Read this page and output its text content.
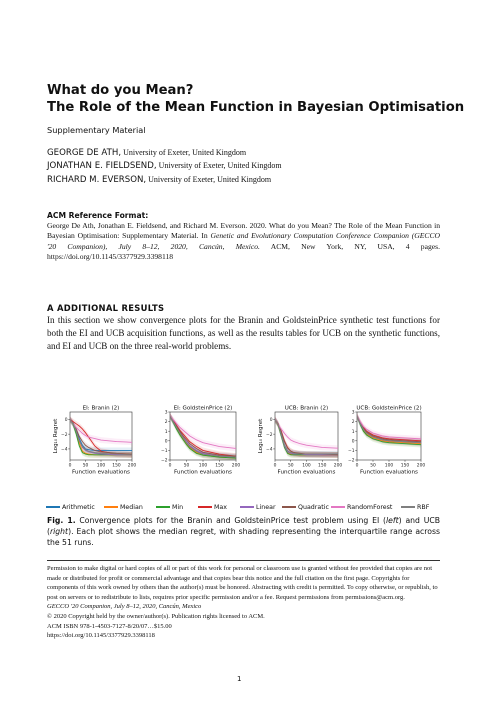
What do you Mean?
The Role of the Mean Function in Bayesian Optimisation
Supplementary Material
GEORGE DE ATH, University of Exeter, United Kingdom
JONATHAN E. FIELDSEND, University of Exeter, United Kingdom
RICHARD M. EVERSON, University of Exeter, United Kingdom
ACM Reference Format:
George De Ath, Jonathan E. Fieldsend, and Richard M. Everson. 2020. What do you Mean? The Role of the Mean Function in Bayesian Optimisation: Supplementary Material. In Genetic and Evolutionary Computation Conference Companion (GECCO '20 Companion), July 8–12, 2020, Cancún, Mexico. ACM, New York, NY, USA, 4 pages. https://doi.org/10.1145/3377929.3398118
A ADDITIONAL RESULTS
In this section we show convergence plots for the Branin and GoldsteinPrice synthetic test functions for both the EI and UCB acquisition functions, as well as the results tables for UCB on the synthetic functions, and EI and UCB on the three real-world problems.
EI: Branin (2)
0	50 100 150 200
Function evaluations
0
−2
−4
Log₁₀ Regret
EI: GoldsteinPrice (2)
0	50 100 150 200
Function evaluations
3
2
1
0
−1
−2
UCB: Branin (2)
0	50 100 150 200
Function evaluations
0
−2
−4
Log₁₀ Regret
UCB: GoldsteinPrice (2)
0	50 100 150 200
Function evaluations
3
2
1
0
−1
−2
Arithmetic	Median	Min	Max	Linear	Quadratic	RandomForest	RBF
Fig. 1. Convergence plots for the Branin and GoldsteinPrice test problem using EI (left) and UCB (right). Each plot shows the median regret, with shading representing the interquartile range across the 51 runs.
Permission to make digital or hard copies of all or part of this work for personal or classroom use is granted without fee provided that copies are not made or distributed for profit or commercial advantage and that copies bear this notice and the full citation on the first page. Copyrights for components of this work owned by others than the author(s) must be honored. Abstracting with credit is permitted. To copy otherwise, or republish, to post on servers or to redistribute to lists, requires prior specific permission and/or a fee. Request permissions from permissions@acm.org.
GECCO '20 Companion, July 8–12, 2020, Cancún, Mexico
© 2020 Copyright held by the owner/author(s). Publication rights licensed to ACM.
ACM ISBN 978-1-4503-7127-8/20/07…$15.00
https://doi.org/10.1145/3377929.3398118
1
